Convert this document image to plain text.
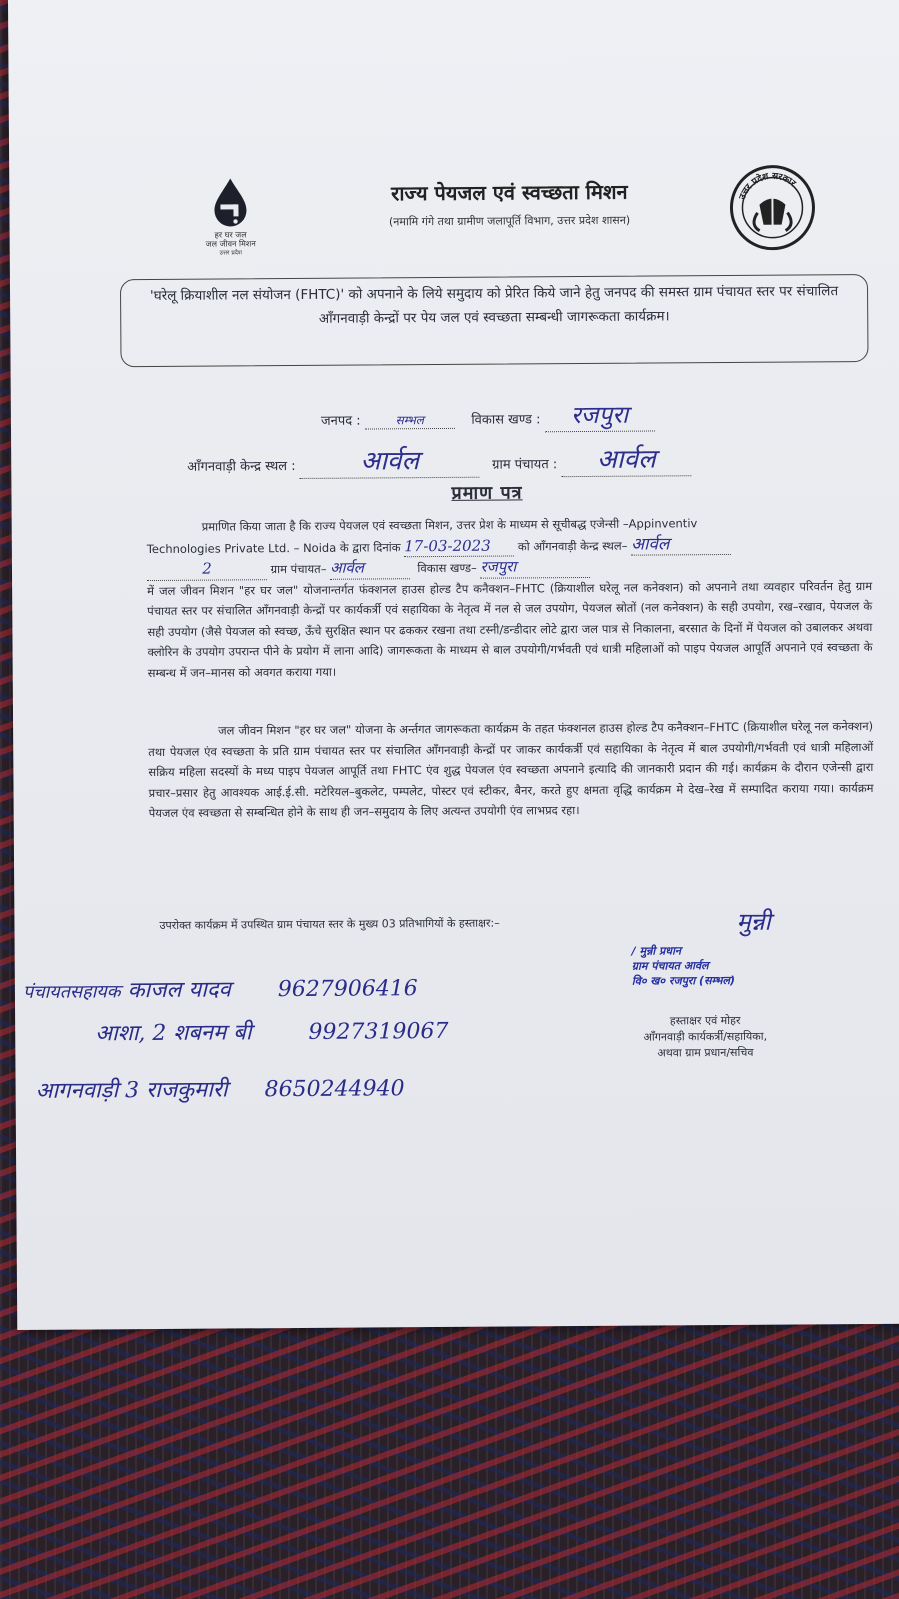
हर घर जल
जल जीवन मिशन
उत्तर प्रदेश
उत्तर प्रदेश सरकार
राज्य पेयजल एवं स्वच्छता मिशन
(नमामि गंगे तथा ग्रामीण जलापूर्ति विभाग, उत्तर प्रदेश शासन)
'घरेलू क्रियाशील नल संयोजन (FHTC)' को अपनाने के लिये समुदाय को प्रेरित किये जाने हेतु जनपद की समस्त ग्राम पंचायत स्तर पर संचालित आँगनवाड़ी केन्द्रों पर पेय जल एवं स्वच्छता सम्बन्धी जागरूकता कार्यक्रम।
जनपद :	सम्भल	विकास खण्ड : रजपुरा
आँगनवाड़ी केन्द्र स्थल : आर्वल	ग्राम पंचायत : आर्वल
प्रमाण पत्र
प्रमाणित किया जाता है कि राज्य पेयजल एवं स्वच्छता मिशन, उत्तर प्रेश के माध्यम से सूचीबद्ध एजेन्सी –Appinventiv
Technologies Private Ltd. – Noida के द्वारा दिनांक 17-03-2023 को आँगनवाड़ी केन्द्र स्थल– आर्वल
2	ग्राम पंचायत– आर्वल	विकास खण्ड– रजपुरा
में जल जीवन मिशन "हर घर जल" योजनान्तर्गत फंक्शनल हाउस होल्ड टैप कनैक्शन–FHTC (क्रियाशील घरेलू नल कनेक्शन) को अपनाने तथा व्यवहार परिवर्तन हेतु ग्राम पंचायत स्तर पर संचालित आँगनवाड़ी केन्द्रों पर कार्यकर्त्री एवं सहायिका के नेतृत्व में नल से जल उपयोग, पेयजल स्रोतों (नल कनेक्शन) के सही उपयोग, रख–रखाव, पेयजल के सही उपयोग (जैसे पेयजल को स्वच्छ, ऊँचे सुरक्षित स्थान पर ढककर रखना तथा टस्नी/डन्डीदार लोटे द्वारा जल पात्र से निकालना, बरसात के दिनों में पेयजल को उबालकर अथवा क्लोरिन के उपयोग उपरान्त पीने के प्रयोग में लाना आदि) जागरूकता के माध्यम से बाल उपयोगी/गर्भवती एवं धात्री महिलाओं को पाइप पेयजल आपूर्ति अपनाने एवं स्वच्छता के सम्बन्ध में जन–मानस को अवगत कराया गया।
जल जीवन मिशन "हर घर जल" योजना के अर्न्तगत जागरूकता कार्यक्रम के तहत फंक्शनल हाउस होल्ड टैप कनैक्शन–FHTC (क्रियाशील घरेलू नल कनेक्शन) तथा पेयजल एंव स्वच्छता के प्रति ग्राम पंचायत स्तर पर संचालित आँगनवाड़ी केन्द्रों पर जाकर कार्यकर्त्री एवं सहायिका के नेतृत्व में बाल उपयोगी/गर्भवती एवं धात्री महिलाओं सक्रिय महिला सदस्यों के मध्य पाइप पेयजल आपूर्ति तथा FHTC एंव शुद्ध पेयजल एंव स्वच्छता अपनाने इत्यादि की जानकारी प्रदान की गई। कार्यक्रम के दौरान एजेन्सी द्वारा प्रचार–प्रसार हेतु आवश्यक आई.ई.सी. मटेरियल–बुकलेट, पम्पलेट, पोस्टर एवं स्टीकर, बैनर, करते हुए क्षमता वृद्धि कार्यक्रम मे देख–रेख में सम्पादित कराया गया। कार्यक्रम पेयजल एंव स्वच्छता से सम्बन्धित होने के साथ ही जन–समुदाय के लिए अत्यन्त उपयोगी एंव लाभप्रद रहा।
उपरोक्त कार्यक्रम में उपस्थित ग्राम पंचायत स्तर के मुख्य 03 प्रतिभागियों के हस्ताक्षर:–	मुन्नी
/ मुन्नी प्रधान
ग्राम पंचायत आर्वल
वि० ख० रजपुरा (सम्भल)
हस्ताक्षर एवं मोहर
आँगनवाड़ी कार्यकर्त्री/सहायिका,
अथवा ग्राम प्रधान/सचिव
पंचायतसहायक काजल यादव 9627906416
आशा, 2 शबनम बी	9927319067
आगनवाड़ी 3 राजकुमारी 8650244940
